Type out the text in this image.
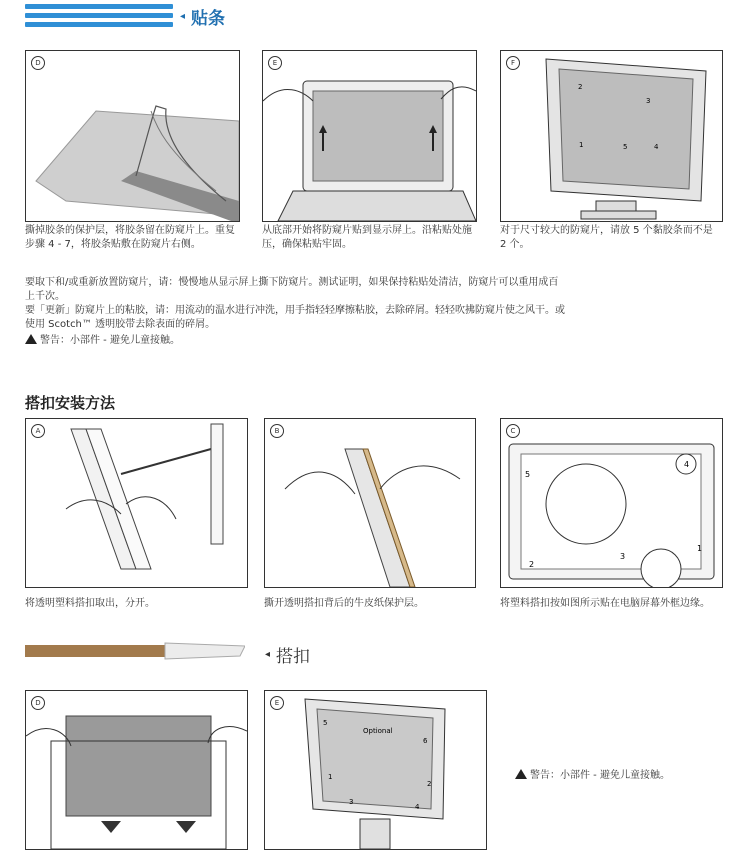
◂ 贴条
D
撕掉胶条的保护层，将胶条留在防窥片上。重复步骤 4 - 7，将胶条贴敷在防窥片右侧。
E
从底部开始将防窥片贴到显示屏上。沿粘贴处施压，确保粘贴牢固。
F
2
3
1	5	4
对于尺寸较大的防窥片，请放 5 个黏胶条而不是 2 个。
要取下和/或重新放置防窥片，请：慢慢地从显示屏上撕下防窥片。测试证明，如果保持粘贴处清洁，防窥片可以重用成百上千次。
要「更新」防窥片上的粘胶，请：用流动的温水进行冲洗，用手指轻轻摩擦粘胶，去除碎屑。轻轻吹拂防窥片使之风干。或使用 Scotch™ 透明胶带去除表面的碎屑。
警告：小部件 - 避免儿童接触。
搭扣安装方法
A
将透明塑料搭扣取出，分开。
B
撕开透明搭扣背后的牛皮纸保护层。
C
5
4
2
3
1
将塑料搭扣按如图所示贴在电脑屏幕外框边缘。
◂ 搭扣
D	E
Optional
5
6
1
2
3
4
警告：小部件 - 避免儿童接触。
